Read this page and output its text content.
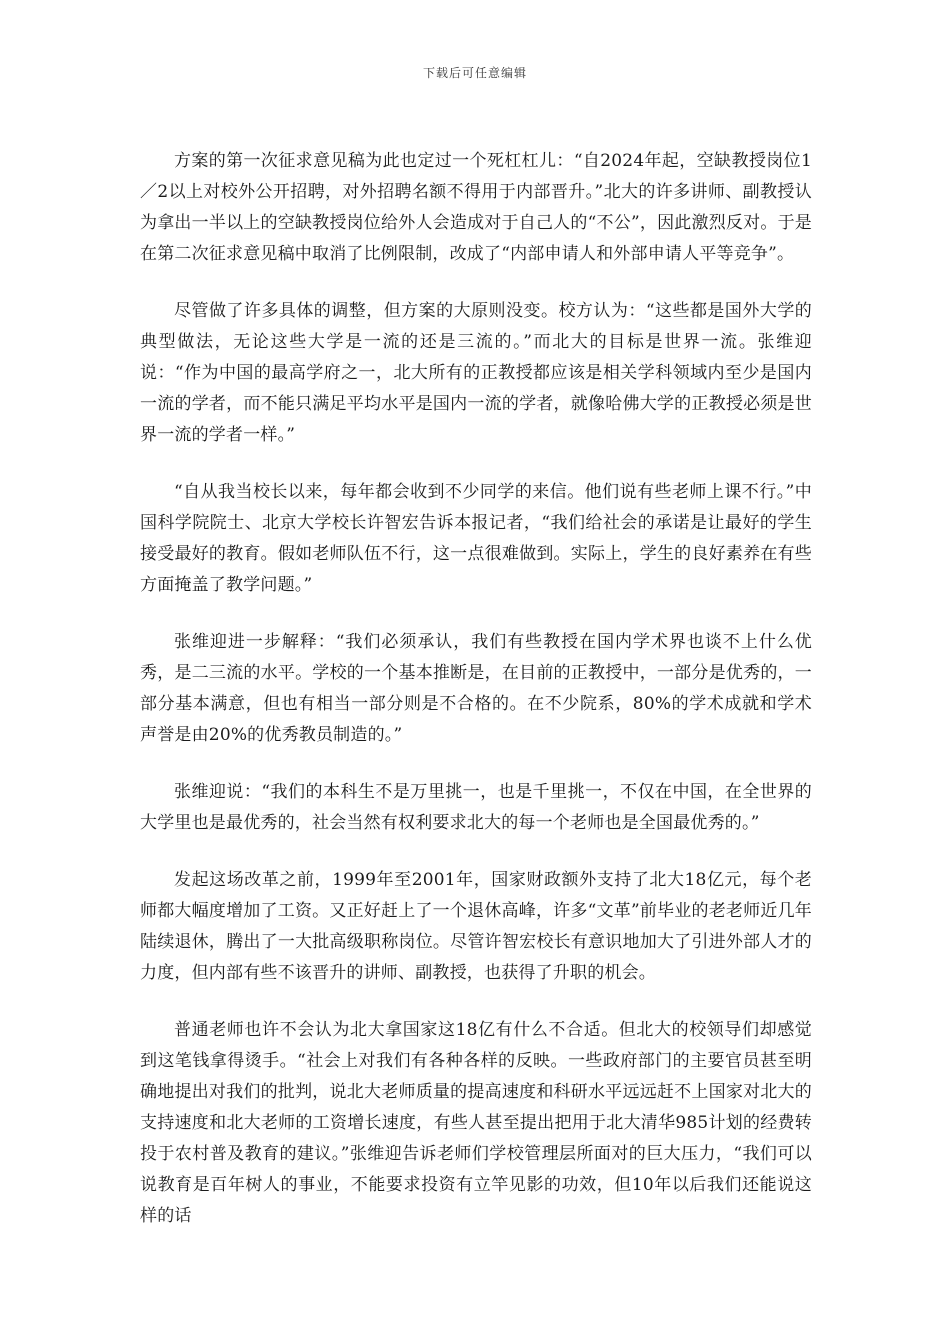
下载后可任意编辑

方案的第一次征求意见稿为此也定过一个死杠杠儿：“自2024年起，空缺教授岗位1／2以上对校外公开招聘，对外招聘名额不得用于内部晋升。”北大的许多讲师、副教授认为拿出一半以上的空缺教授岗位给外人会造成对于自己人的“不公”，因此激烈反对。于是在第二次征求意见稿中取消了比例限制，改成了“内部申请人和外部申请人平等竞争”。

尽管做了许多具体的调整，但方案的大原则没变。校方认为：“这些都是国外大学的典型做法，无论这些大学是一流的还是三流的。”而北大的目标是世界一流。张维迎说：“作为中国的最高学府之一，北大所有的正教授都应该是相关学科领域内至少是国内一流的学者，而不能只满足平均水平是国内一流的学者，就像哈佛大学的正教授必须是世界一流的学者一样。”

“自从我当校长以来，每年都会收到不少同学的来信。他们说有些老师上课不行。”中国科学院院士、北京大学校长许智宏告诉本报记者，“我们给社会的承诺是让最好的学生接受最好的教育。假如老师队伍不行，这一点很难做到。实际上，学生的良好素养在有些方面掩盖了教学问题。”

张维迎进一步解释：“我们必须承认，我们有些教授在国内学术界也谈不上什么优秀，是二三流的水平。学校的一个基本推断是，在目前的正教授中，一部分是优秀的，一部分基本满意，但也有相当一部分则是不合格的。在不少院系，80%的学术成就和学术声誉是由20%的优秀教员制造的。”

张维迎说：“我们的本科生不是万里挑一，也是千里挑一，不仅在中国，在全世界的大学里也是最优秀的，社会当然有权利要求北大的每一个老师也是全国最优秀的。”

发起这场改革之前，1999年至2001年，国家财政额外支持了北大18亿元，每个老师都大幅度增加了工资。又正好赶上了一个退休高峰，许多“文革”前毕业的老老师近几年陆续退休，腾出了一大批高级职称岗位。尽管许智宏校长有意识地加大了引进外部人才的力度，但内部有些不该晋升的讲师、副教授，也获得了升职的机会。

普通老师也许不会认为北大拿国家这18亿有什么不合适。但北大的校领导们却感觉到这笔钱拿得烫手。“社会上对我们有各种各样的反映。一些政府部门的主要官员甚至明确地提出对我们的批判，说北大老师质量的提高速度和科研水平远远赶不上国家对北大的支持速度和北大老师的工资增长速度，有些人甚至提出把用于北大清华985计划的经费转投于农村普及教育的建议。”张维迎告诉老师们学校管理层所面对的巨大压力，“我们可以说教育是百年树人的事业，不能要求投资有立竿见影的功效，但10年以后我们还能说这样的话
